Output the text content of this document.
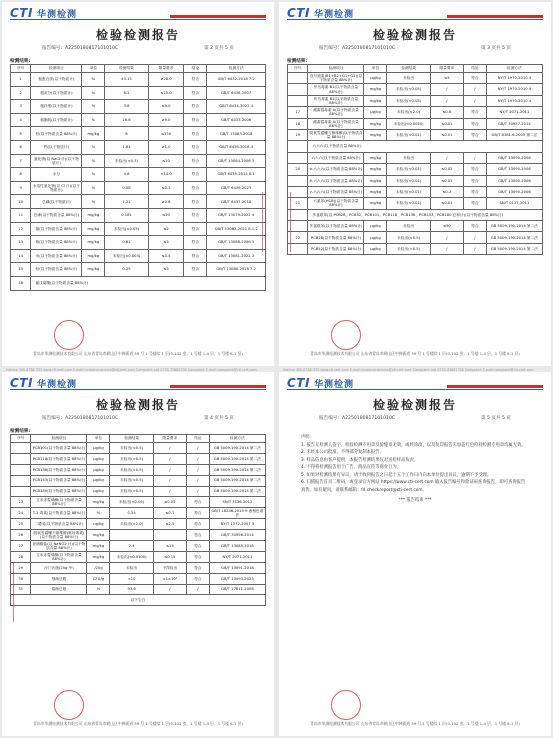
CTI 华测检测
检验检测报告
报告编号：A2250180817101010C	第 2 页共 5 页
检测结果:
序号	检测项目	单位	检测结果	限量要求	结论	检测方法
1	粗蛋白质(以干物质计)	%	43.15	≥28.0	符合	GB/T 6432-2018 7.2
2	粗灰分(以干物质计)	%	8.1	≤10.0	符合	GB/T 6438-2007
3	粗纤维(以干物质计)	%	3.6	≤9.0	符合	GB/T 6434-2022 4
4	粗脂肪(以干物质计)	%	16.6	≥9.0	符合	GB/T 6433-2006
5	铅(以干物质含量 88%计)	mg/kg	8	≤150	符合	GB/T 13083-2018
6	钙(以干物质计)	%	1.61	≥1.0	符合	GB/T 6436-2018 4
7	氯化钠(以 NaCl 计)(以干物质计)	%	未检出(<0.3)	≤10	符合	GB/T 13084-2006 3
8	水分	%	4.6	<14.0	符合	GB/T 6435-2014 8.1
9	水溶性氯化物(以 Cl 计)(以干物质计)	%	0.58	≤0.3	符合	GB/T 6439-2023
10	总磷(以干物质计)	%	1.21	≥0.8	符合	GB/T 6437-2018
11	总砷(以干物质含量 88%计)	mg/kg	0.181	≤10	符合	GB/T 13079-2022 4
12	镉(以干物质含量 88%计)	mg/kg	未检出(<0.05)	≤2	符合	GB/T 13082-2021 8.1.2
13	铬(以干物质含量 88%计)	mg/kg	0.61	≤5	符合	GB/T 13088-2006 3
14	汞(以干物质含量 88%计)	mg/kg	未检出(<0.003)	≤0.5	符合	GB/T 13081-2022 3
15	铅(以干物质含量 88%计)	mg/kg	0.25	≤5	符合	GB/T 13080-2018 7.2
16	氰戊菊酯(以干物质含量 88%计)					
青岛市华测检测技术有限公司 山东省青岛市崂山区中韩街道 39 号 1 号楼综 1 层(0-102 室、1 号楼 1-4 层、1 号楼 6-1 层)
CTI 华测检测
检验检测报告
报告编号：A2250180817101010C	第 3 页共 5 页
检测结果:
序号	检测项目	单位	检测结果	限量要求	结论	检测方法
	亚马逊素(B1+B2+G1+G2)(以干物质含量 88%计)	μg/kg	未检出	≤5	符合	NY/T 1970-2010 4
	伏马毒素 B1(以干物质含量 88%计)	mg/kg	未检出(<0.05)	/	/	NY/T 1970-2010 4
	伏马毒素 B2(以干物质含量 88%计)	mg/kg	未检出(<0.05)	/	/	NY/T 1970-2010 4
17	赭曲霉毒素 A(以干物质含量 88%计)	μg/kg	未检出(<2.0)	≤0.6	符合	NY/T 2071-2011
18	赭曲霉毒素 A(以干物质含量 88%计)	mg/kg	未检出(<0.0050)	≤0.01	符合	GB/T 30957-2014
19	脱氧雪腐镰刀菌烯醇(以干物质含量 88%计)	mg/kg	未检出(<0.01)	≤0.01	符合	GB/T 8381.6-2005 第二法
	六六六(以干物质含量 88%计)					
	六六六(以干物质含量 88%计)	mg/kg	未检出	/	/	GB/T 13090-2006
20	α-六六六(以干物质含量 88%计)	mg/kg	未检出(<0.01)	≤0.02	符合	GB/T 13090-2006
	β-六六六(以干物质含量 88%计)	mg/kg	未检出(<0.01)	≤0.01	符合	GB/T 13090-2006
	γ-六六六(以干物质含量 88%计)	mg/kg	未检出(<0.01)	≤0.2	符合	GB/T 13090-2006
21	六氯苯(HCB)(以干物质含量 88%计)	mg/kg	未检出(<0.01)	≤0.01	符合	SN/T 0127-2011
	多氯联苯(以 PCB28、PCB52、PCB101、PCB118、PCB138、PCB153、PCB180 总和计)(以干物质含量 88%计)					
	多氯联苯(以干物质含量 88%计)	μg/kg	未检出	≤90	符合	GB 5009.190-2014 第二法
22	PCB28(以干物质含量 88%计)	μg/kg	未检出(<0.5)	/	/	GB 5009.190-2014 第二法
	PCB52(以干物质含量 88%计)	μg/kg	未检出(<0.5)	/	/	GB 5009.190-2014 第二法
青岛市华测检测技术有限公司 山东省青岛市崂山区中韩街道 39 号 1 号楼综 1 层(0-102 室、1 号楼 1-4 层、1 号楼 6-1 层)
CTI 华测检测
检验检测报告
报告编号：A2250180817101010C	第 4 页共 5 页
检测结果:
序号	检测项目	单位	检测结果	限量要求	结论	检测方法
	PCB101(以干物质含量 88%计)	μg/kg	未检出(<0.5)	/	/	GB 5009.190-2014 第二法
	PCB118(以干物质含量 88%计)	μg/kg	未检出(<0.5)	/	/	GB 5009.190-2014 第二法
	PCB138(以干物质含量 88%计)	μg/kg	未检出(<0.5)	/	/	GB 5009.190-2014 第二法
	PCB153(以干物质含量 88%计)	μg/kg	未检出(<0.5)	/	/	GB 5009.190-2014 第二法
	PCB180(以干物质含量 88%计)	μg/kg	未检出(<0.5)	/	/	GB 5009.190-2014 第二法
23	玉米赤霉烯酮(以干物质含量 88%计)	mg/kg	未检出(<0.05)	≤0.05	符合	SN/T 3136-2012
24	T-2 毒素(以干物质含量 88%计)	%	0.54	≤0.1	符合	GB/T 18246-2019 9 液相色谱法
25	二噁英(以干物质含量 88%计)	ng/kg	未检出(<2.0)	≤2.5	符合	NY/T 1372-2007 3
26	脱氧雪腐镰刀菌烯醇(呕吐毒素)(以干物质含量 88%计)	mg/kg			符合	GB/T 30956-2014
27	亚硝酸盐(以 NaNO2 计)(以干物质含量 88%计)	mg/kg	2.4	≤15	符合	GB/T 13085-2018
28	玉米赤霉烯酮(以干物质含量 88%计)	mg/kg	未检出(<0.0100)	≤0.15	符合	NY/T 2071-2011
29	沙门氏菌(25g 中)	/25g	未检出	不得检出	符合	GB/T 13091-2018
30	细菌总数	CFU/g	<10	<1×10⁶	符合	GB/T 13093-2023
31	霉菌总数	%	93.6	/	/	GB/T 17811-2008
以下空白						
青岛市华测检测技术有限公司 山东省青岛市崂山区中韩街道 39 号 1 号楼综 1 层(0-102 室、1 号楼 1-4 层、1 号楼 6-1 层)
CTI 华测检测
检验检测报告
报告编号：A2250180817101010C	第 5 页共 5 页
声明：
1. 报告无检测人签字、检验检测专用章及骑缝章无效，或经涂改、以及复印报告未加盖红色检验检测专用章均属无效。
2. 未经本公司批准，不得部分复制本报告。
3. 样品信息由客户提供，本报告检测结果仅对送检样品负责。
4. 不得将检测报告用于广告、商品宣传等商业行为。
5. 如果对检测结果有异议，请于收到报告之日起十五个工作日内向本单位提出异议，逾期不予受理。
6. 扫描报告首页二维码，或登录官方网站 https://www.cti-cert.com 输入报告编号和验证码查询报告，即可查询报告真伪。如有疑问，请联系邮箱：fd.checkreport@cti-cert.com。
*** 报告结束 ***
青岛市华测检测技术有限公司 山东省青岛市崂山区中韩街道 39 号 1 号楼综 1 层(0-102 室、1 号楼 1-4 层、1 号楼 6-1 层)
Hotline 400-6788-333 www.cti-cert.com E-mail:customerservice@cti-cert.com Complaint call 0755-33681700 Complaint E-mail:complaint@cti-cert.com	Hotline 400-6788-333 www.cti-cert.com E-mail:customerservice@cti-cert.com Complaint call 0755-33681700 Complaint E-mail:complaint@cti-cert.com
